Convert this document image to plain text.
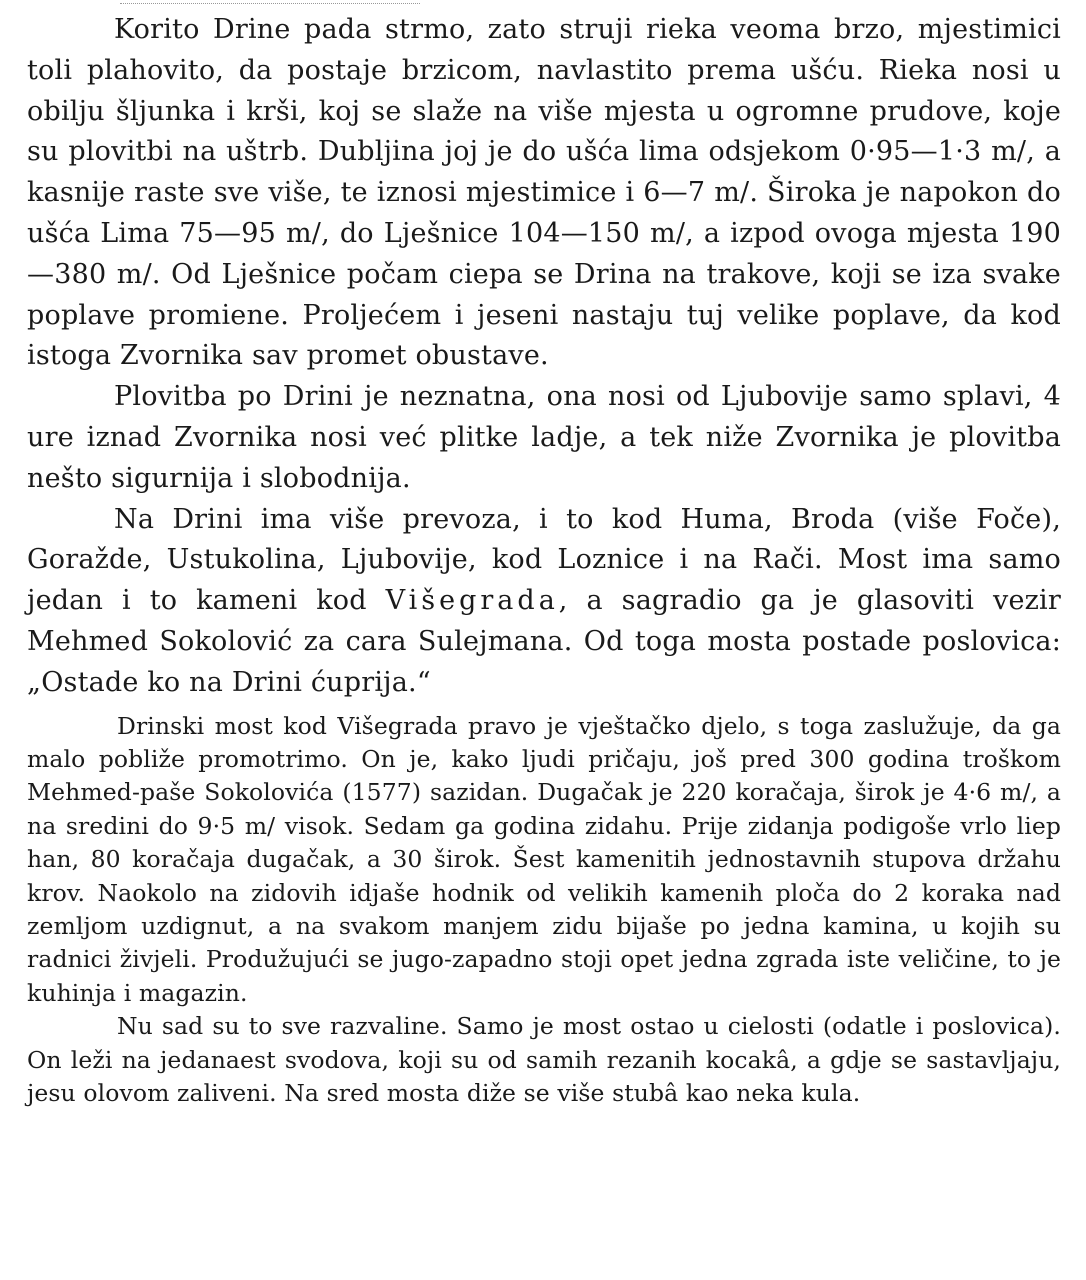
Korito Drine pada strmo, zato struji rieka veoma brzo, mjestimici toli plahovito, da postaje brzicom, navlastito prema ušću. Rieka nosi u obilju šljunka i krši, koj se slaže na više mjesta u ogromne prudove, koje su plovitbi na uštrb. Dubljina joj je do ušća lima odsjekom 0·95—1·3 m/, a kasnije raste sve više, te iznosi mjestimice i 6—7 m/. Široka je napokon do ušća Lima 75—95 m/, do Lješnice 104—150 m/, a izpod ovoga mjesta 190—380 m/. Od Lješnice počam ciepa se Drina na trakove, koji se iza svake poplave promiene. Proljećem i jeseni nastaju tuj velike poplave, da kod istoga Zvornika sav promet obustave.

Plovitba po Drini je neznatna, ona nosi od Ljubovije samo splavi, 4 ure iznad Zvornika nosi već plitke ladje, a tek niže Zvornika je plovitba nešto sigurnija i slobodnija.

Na Drini ima više prevoza, i to kod Huma, Broda (više Foče), Goražde, Ustukolina, Ljubovije, kod Loznice i na Rači. Most ima samo jedan i to kameni kod Višegrada, a sagradio ga je glasoviti vezir Mehmed Sokolović za cara Sulejmana. Od toga mosta postade poslovica: „Ostade ko na Drini ćuprija.“

Drinski most kod Višegrada pravo je vještačko djelo, s toga zaslužuje, da ga malo pobliže promotrimo. On je, kako ljudi pričaju, još pred 300 godina troškom Mehmed-paše Sokolovića (1577) sazidan. Dugačak je 220 koračaja, širok je 4·6 m/, a na sredini do 9·5 m/ visok. Sedam ga godina zidahu. Prije zidanja podigoše vrlo liep han, 80 koračaja dugačak, a 30 širok. Šest kamenitih jednostavnih stupova držahu krov. Naokolo na zidovih idjaše hodnik od velikih kamenih ploča do 2 koraka nad zemljom uzdignut, a na svakom manjem zidu bijaše po jedna kamina, u kojih su radnici živjeli. Produžujući se jugo-zapadno stoji opet jedna zgrada iste veličine, to je kuhinja i magazin.

Nu sad su to sve razvaline. Samo je most ostao u cielosti (odatle i poslovica). On leži na jedanaest svodova, koji su od samih rezanih kocakâ, a gdje se sastavljaju, jesu olovom zaliveni. Na sred mosta diže se više stubâ kao neka kula.
